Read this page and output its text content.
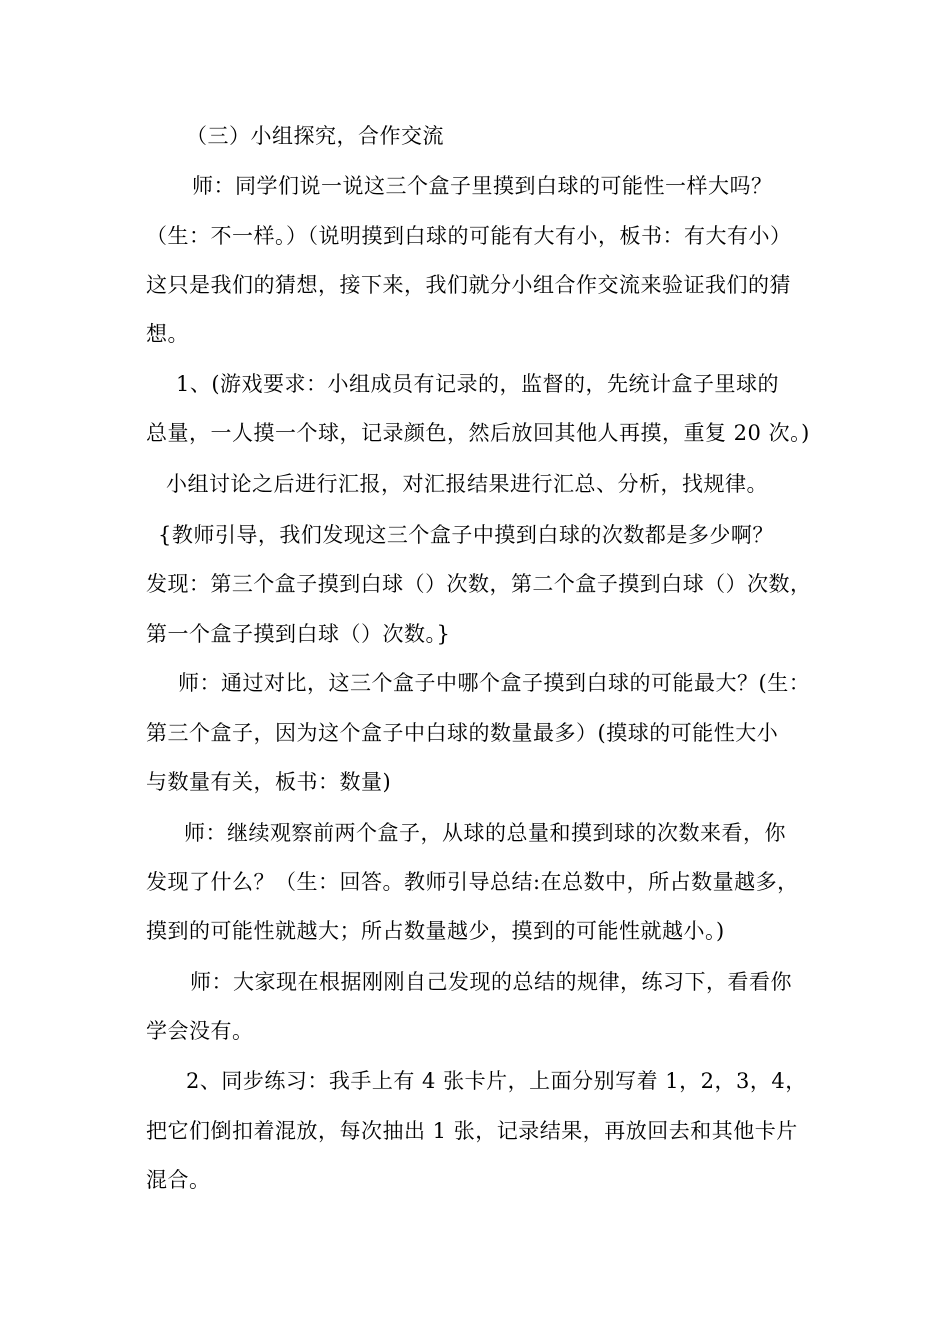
（三）小组探究，合作交流
师：同学们说一说这三个盒子里摸到白球的可能性一样大吗？
（生：不一样。）（说明摸到白球的可能有大有小，板书：有大有小）
这只是我们的猜想，接下来，我们就分小组合作交流来验证我们的猜
想。
1、(游戏要求：小组成员有记录的，监督的，先统计盒子里球的
总量，一人摸一个球，记录颜色，然后放回其他人再摸，重复 20 次。)
小组讨论之后进行汇报，对汇报结果进行汇总、分析，找规律。
{教师引导，我们发现这三个盒子中摸到白球的次数都是多少啊？
发现：第三个盒子摸到白球（）次数，第二个盒子摸到白球（）次数，
第一个盒子摸到白球（）次数。}
师：通过对比，这三个盒子中哪个盒子摸到白球的可能最大？(生：
第三个盒子，因为这个盒子中白球的数量最多）(摸球的可能性大小
与数量有关，板书：数量)
师：继续观察前两个盒子，从球的总量和摸到球的次数来看，你
发现了什么？（生：回答。教师引导总结:在总数中，所占数量越多，
摸到的可能性就越大；所占数量越少，摸到的可能性就越小。)
师：大家现在根据刚刚自己发现的总结的规律，练习下，看看你
学会没有。
2、同步练习：我手上有 4 张卡片，上面分别写着 1，2，3，4，
把它们倒扣着混放，每次抽出 1 张，记录结果，再放回去和其他卡片
混合。
